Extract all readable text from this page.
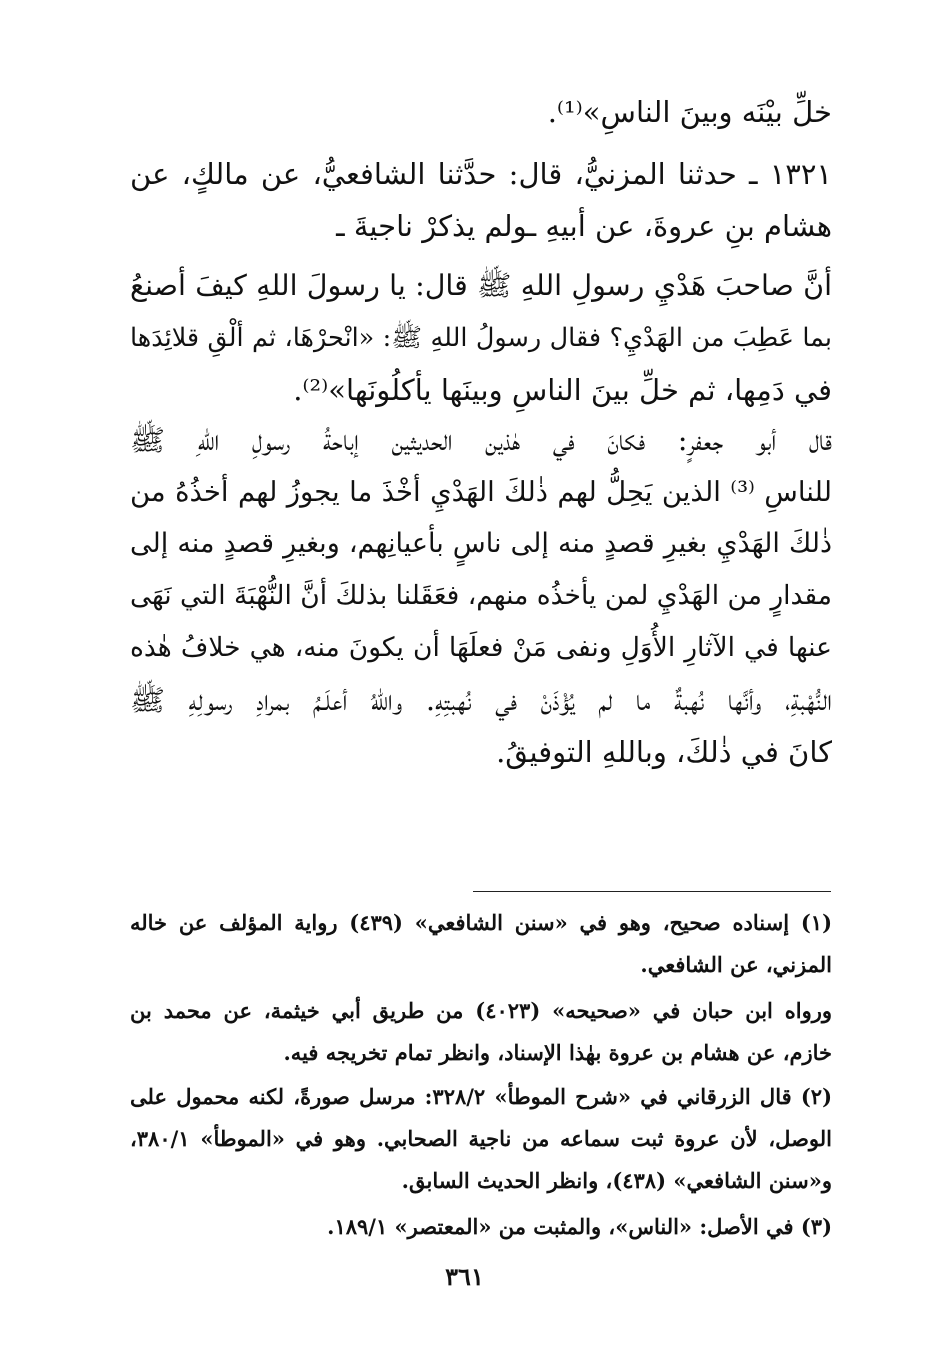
خلِّ بيْنَه وبينَ الناسِ»⁽¹⁾.
١٣٢١ ـ حدثنا المزنيُّ، قال: حدَّثنا الشافعيُّ، عن مالكٍ، عن
هشام بنِ عروةَ، عن أبيهِ ـولم يذكرْ ناجيةَ ـ
أنَّ صاحبَ هَدْيِ رسولِ اللهِ ﷺ قال: يا رسولَ اللهِ كيفَ أصنعُ
بما عَطِبَ من الهَدْيِ؟ فقال رسولُ اللهِ ﷺ: «انْحرْهَا، ثم ألْقِ قلائِدَها
في دَمِها، ثم خلِّ بينَ الناسِ وبينَها يأكلُونَها»⁽²⁾.
قال أبو جعفرٍ: فكانَ في هٰذين الحديثين إباحةُ رسولِ اللهِ ﷺ
للناسِ ⁽³⁾ الذين يَحِلُّ لهم ذٰلكَ الهَدْيِ أخْذَ ما يجوزُ لهم أخذُهُ من
ذٰلكَ الهَدْيِ بغيرِ قصدٍ منه إلى ناسٍ بأعيانِهم، وبغيرِ قصدٍ منه إلى
مقدارٍ من الهَدْيِ لمن يأخذُه منهم، فعَقَلنا بذلكَ أنَّ النُّهْبَةَ التي نَهَى
عنها في الآثارِ الأُوَلِ ونفى مَنْ فعلَهَا أن يكونَ منه، هي خلافُ هٰذه
النُّهْبةِ، وأنَّها نُهبةٌ ما لم يُؤْذَنْ في نُهبتِهِ. واللهُ أعلَـمُ بمرادِ رسولِهِ ﷺ
كانَ في ذٰلكَ، وباللهِ التوفيقُ.
(١) إسناده صحيح، وهو في «سنن الشافعي» (٤٣٩) رواية المؤلف عن خاله
المزني، عن الشافعي.
ورواه ابن حبان في «صحيحه» (٤٠٢٣) من طريق أبي خيثمة، عن محمد بن
خازم، عن هشام بن عروة بهٰذا الإسناد، وانظر تمام تخريجه فيه.
(٢) قال الزرقاني في «شرح الموطأ» ٣٢٨/٢: مرسل صورةً، لكنه محمول على
الوصل، لأن عروة ثبت سماعه من ناجية الصحابي. وهو في «الموطأ» ٣٨٠/١،
و«سنن الشافعي» (٤٣٨)، وانظر الحديث السابق.
(٣) في الأصل: «الناس»، والمثبت من «المعتصر» ١٨٩/١.
٣٦١
